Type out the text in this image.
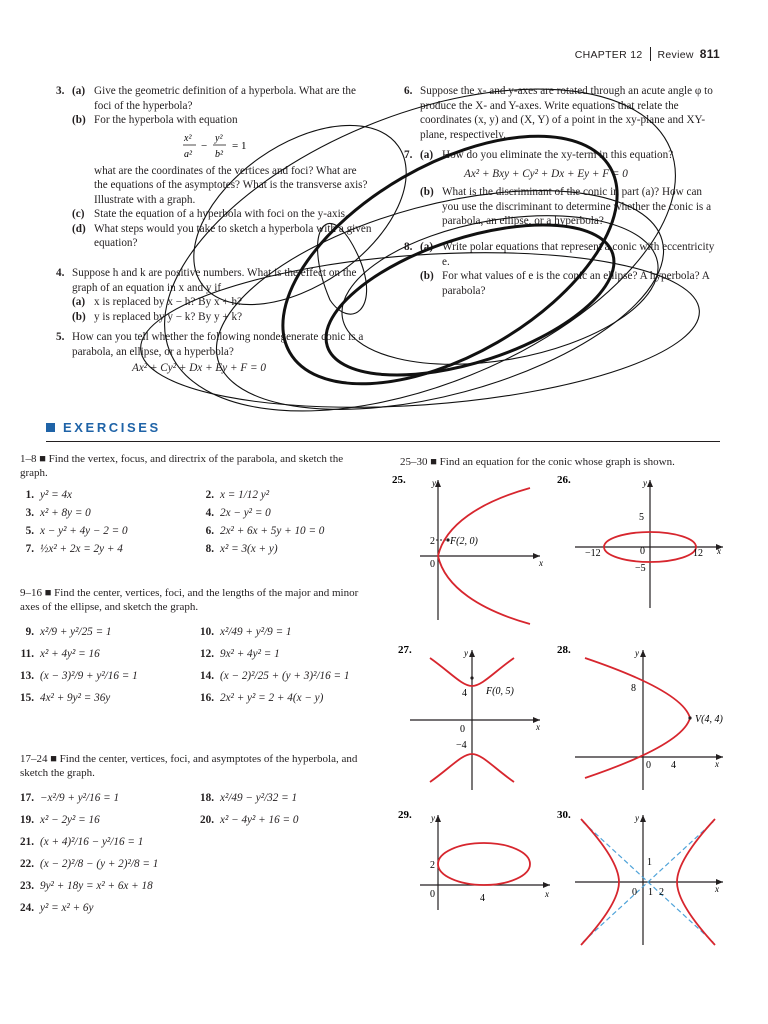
CHAPTER 12 Review 811
3. (a) Give the geometric definition of a hyperbola. What are the foci of the hyperbola?
(b) For the hyperbola with equation
x²
a²
−
y²
b²
= 1
what are the coordinates of the vertices and foci? What are the equations of the asymptotes? What is the transverse axis? Illustrate with a graph.
(c) State the equation of a hyperbola with foci on the y-axis.
(d) What steps would you take to sketch a hyperbola with a given equation?
4. Suppose h and k are positive numbers. What is the effect on the graph of an equation in x and y if
(a) x is replaced by x − h? By x + h?
(b) y is replaced by y − k? By y + k?
5. How can you tell whether the following nondegenerate conic is a parabola, an ellipse, or a hyperbola?
Ax² + Cy² + Dx + Ey + F = 0
6. Suppose the x- and y-axes are rotated through an acute angle φ to produce the X- and Y-axes. Write equations that relate the coordinates (x, y) and (X, Y) of a point in the xy-plane and XY-plane, respectively.
7. (a) How do you eliminate the xy-term in this equation?
Ax² + Bxy + Cy² + Dx + Ey + F = 0
(b) What is the discriminant of the conic in part (a)? How can you use the discriminant to determine whether the conic is a parabola, an ellipse, or a hyperbola?
8. (a) Write polar equations that represent a conic with eccentricity e.
(b) For what values of e is the conic an ellipse? A hyperbola? A parabola?
EXERCISES
1–8 ■ Find the vertex, focus, and directrix of the parabola, and sketch the graph.
1. y² = 4x	2. x = 1/12 y²
3. x² + 8y = 0	4. 2x − y² = 0
5. x − y² + 4y − 2 = 0	6. 2x² + 6x + 5y + 10 = 0
7. ½x² + 2x = 2y + 4	8. x² = 3(x + y)
9–16 ■ Find the center, vertices, foci, and the lengths of the major and minor axes of the ellipse, and sketch the graph.
9. x²/9 + y²/25 = 1	10. x²/49 + y²/9 = 1
11. x² + 4y² = 16	12. 9x² + 4y² = 1
13. (x − 3)²/9 + y²/16 = 1	14. (x − 2)²/25 + (y + 3)²/16 = 1
15. 4x² + 9y² = 36y	16. 2x² + y² = 2 + 4(x − y)
17–24 ■ Find the center, vertices, foci, and asymptotes of the hyperbola, and sketch the graph.
17. −x²/9 + y²/16 = 1	18. x²/49 − y²/32 = 1
19. x² − 2y² = 16	20. x² − 4y² + 16 = 0
21. (x + 4)²/16 − y²/16 = 1
22. (x − 2)²/8 − (y + 2)²/8 = 1
23. 9y² + 18y = x² + 6x + 18
24. y² = x² + 6y
25–30 ■ Find an equation for the conic whose graph is shown.
25.	y
x
2
0
F(2, 0)
26.	y
x
5
−5
−12	12
0
27.	y
x
F(0, 5)
4
0
−4
28.	y
x
V(4, 4)
8
0 4
29. y
x
2
0	4
30.	y
x
1
0 1 2
